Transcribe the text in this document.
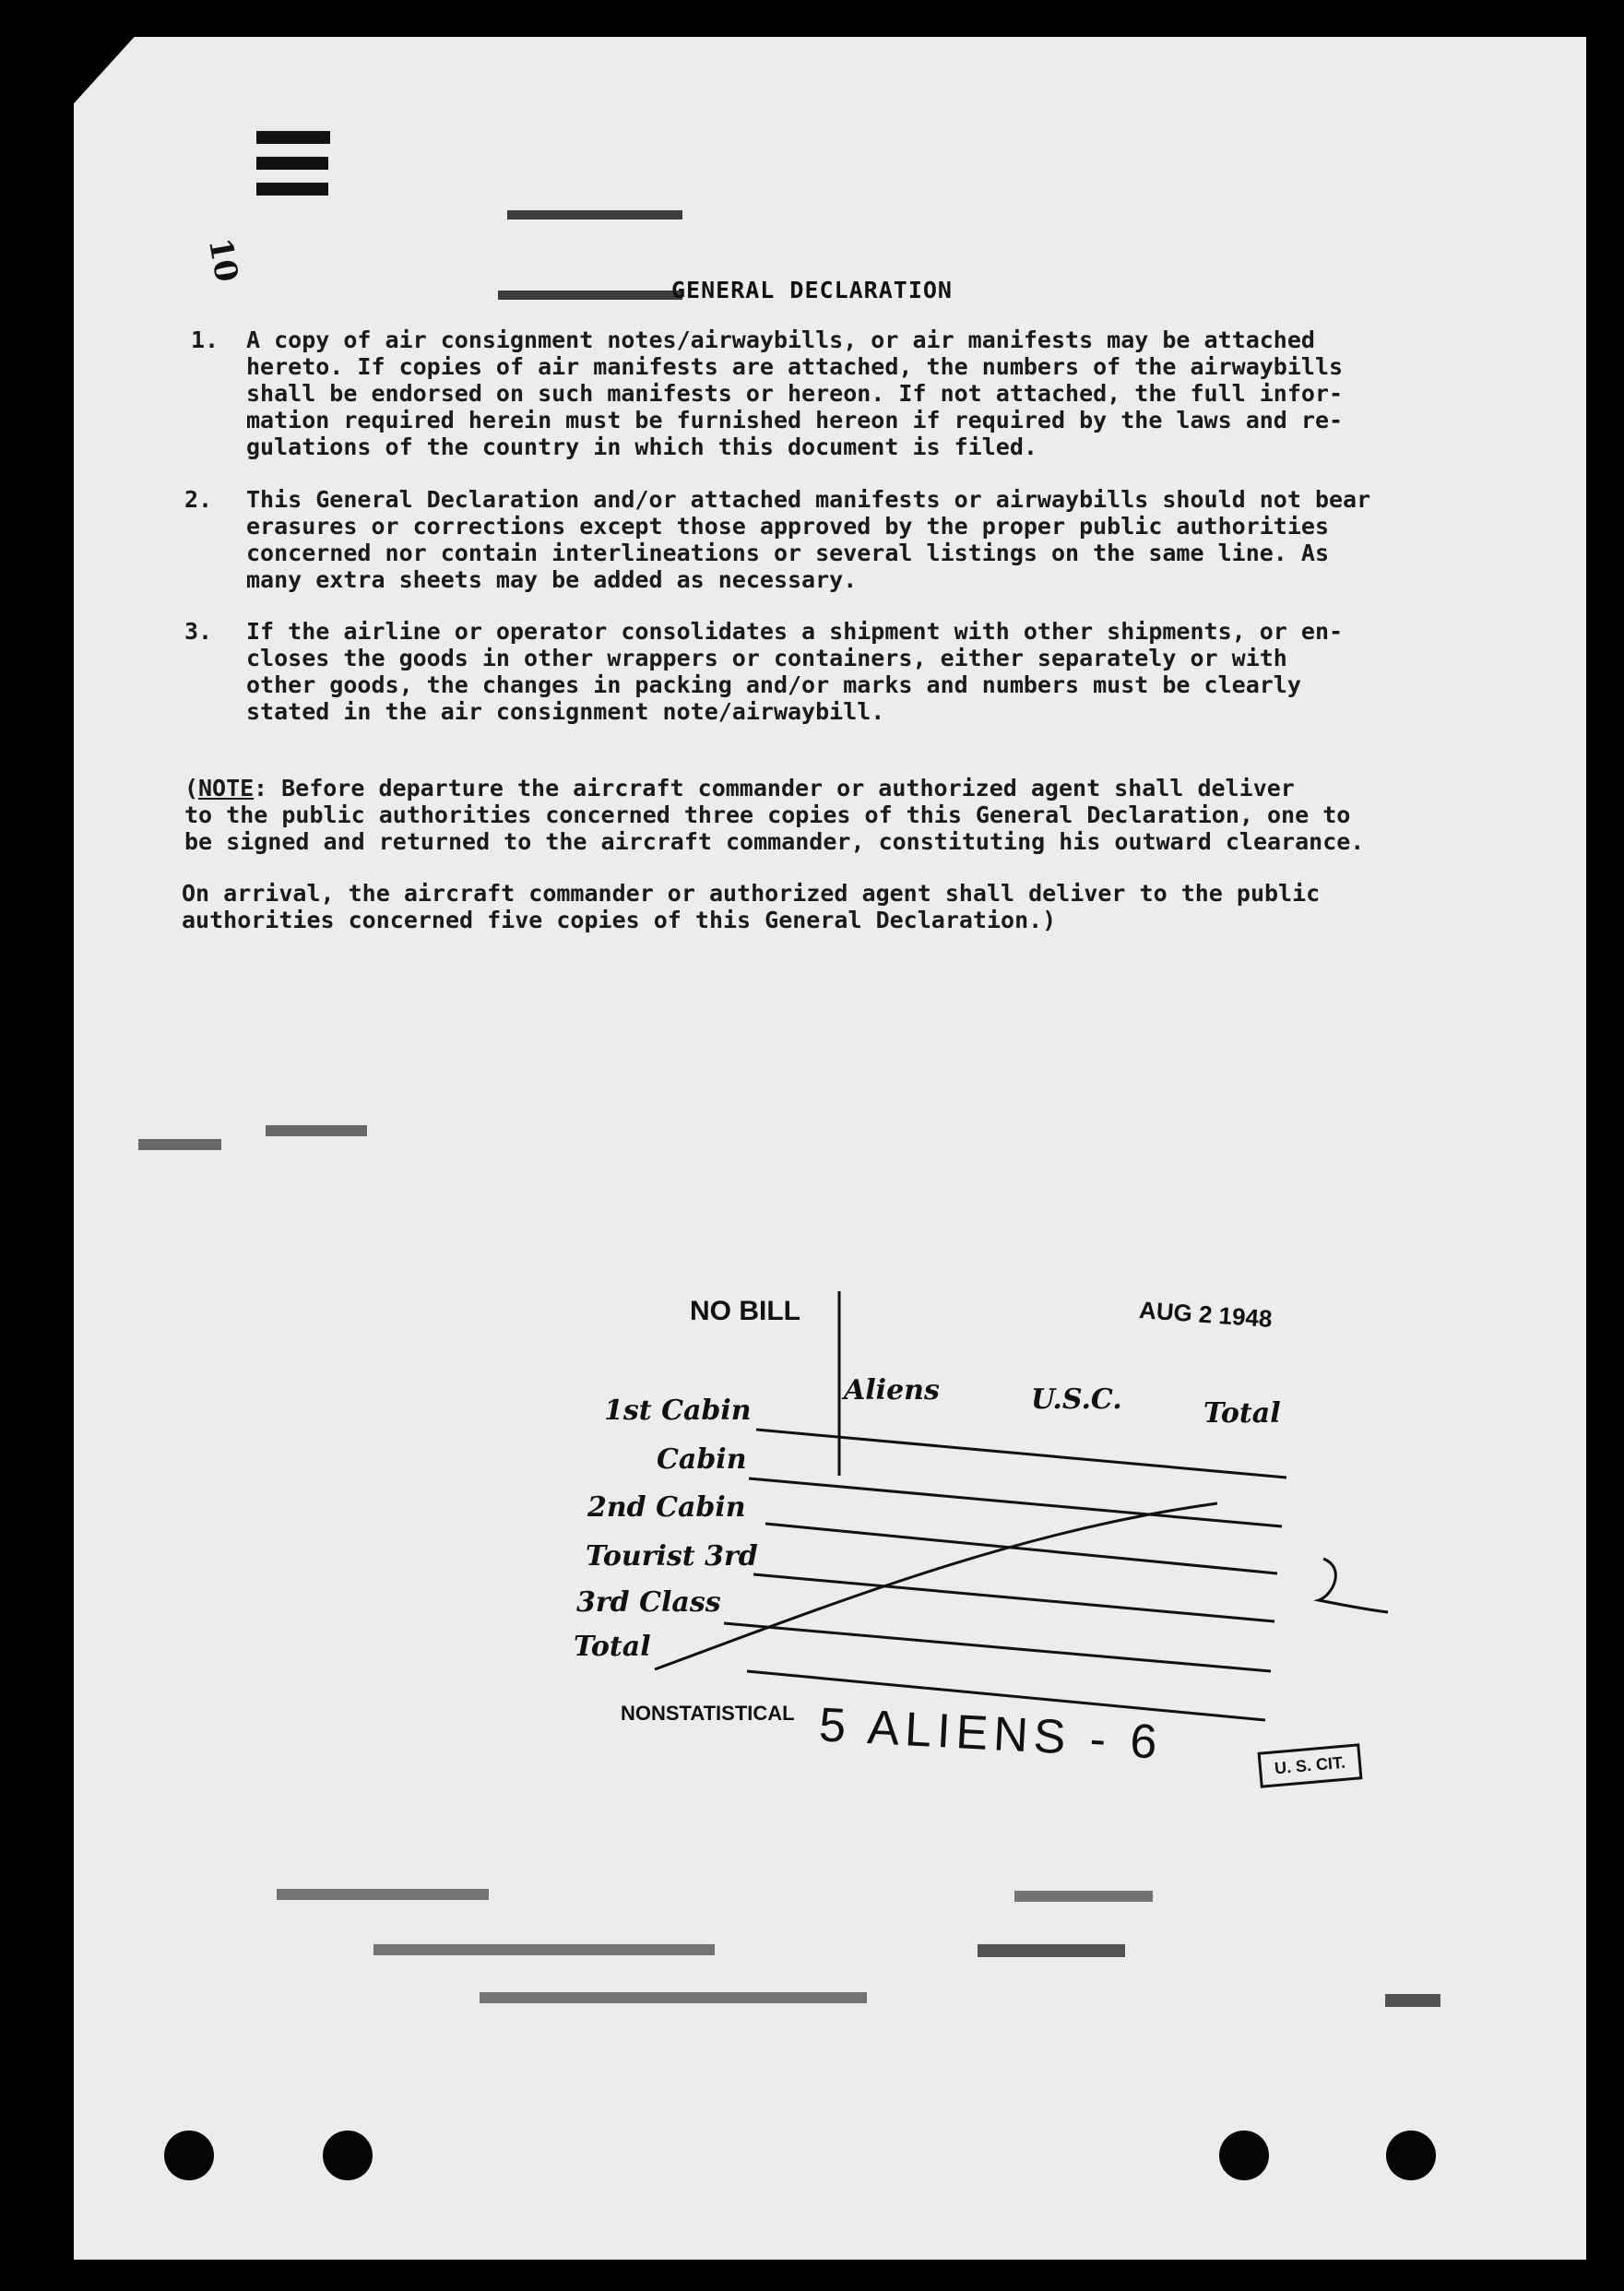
10
GENERAL DECLARATION
1. A copy of air consignment notes/airwaybills, or air manifests may be attached
hereto. If copies of air manifests are attached, the numbers of the airwaybills
shall be endorsed on such manifests or hereon. If not attached, the full infor-
mation required herein must be furnished hereon if required by the laws and re-
gulations of the country in which this document is filed.
2. This General Declaration and/or attached manifests or airwaybills should not bear
erasures or corrections except those approved by the proper public authorities
concerned nor contain interlineations or several listings on the same line. As
many extra sheets may be added as necessary.
3. If the airline or operator consolidates a shipment with other shipments, or en-
closes the goods in other wrappers or containers, either separately or with
other goods, the changes in packing and/or marks and numbers must be clearly
stated in the air consignment note/airwaybill.
( NOTE : Before departure the aircraft commander or authorized agent shall deliver
to the public authorities concerned three copies of this General Declaration, one to
be signed and returned to the aircraft commander, constituting his outward clearance.
On arrival, the aircraft commander or authorized agent shall deliver to the public
authorities concerned five copies of this General Declaration.)
NO BILL	AUG 2 1948
Aliens	U.S.C.	Total
1st Cabin
Cabin
2nd Cabin
Tourist 3rd
3rd Class
Total
NONSTATISTICAL 5 ALIENS - 6	U. S. CIT.
